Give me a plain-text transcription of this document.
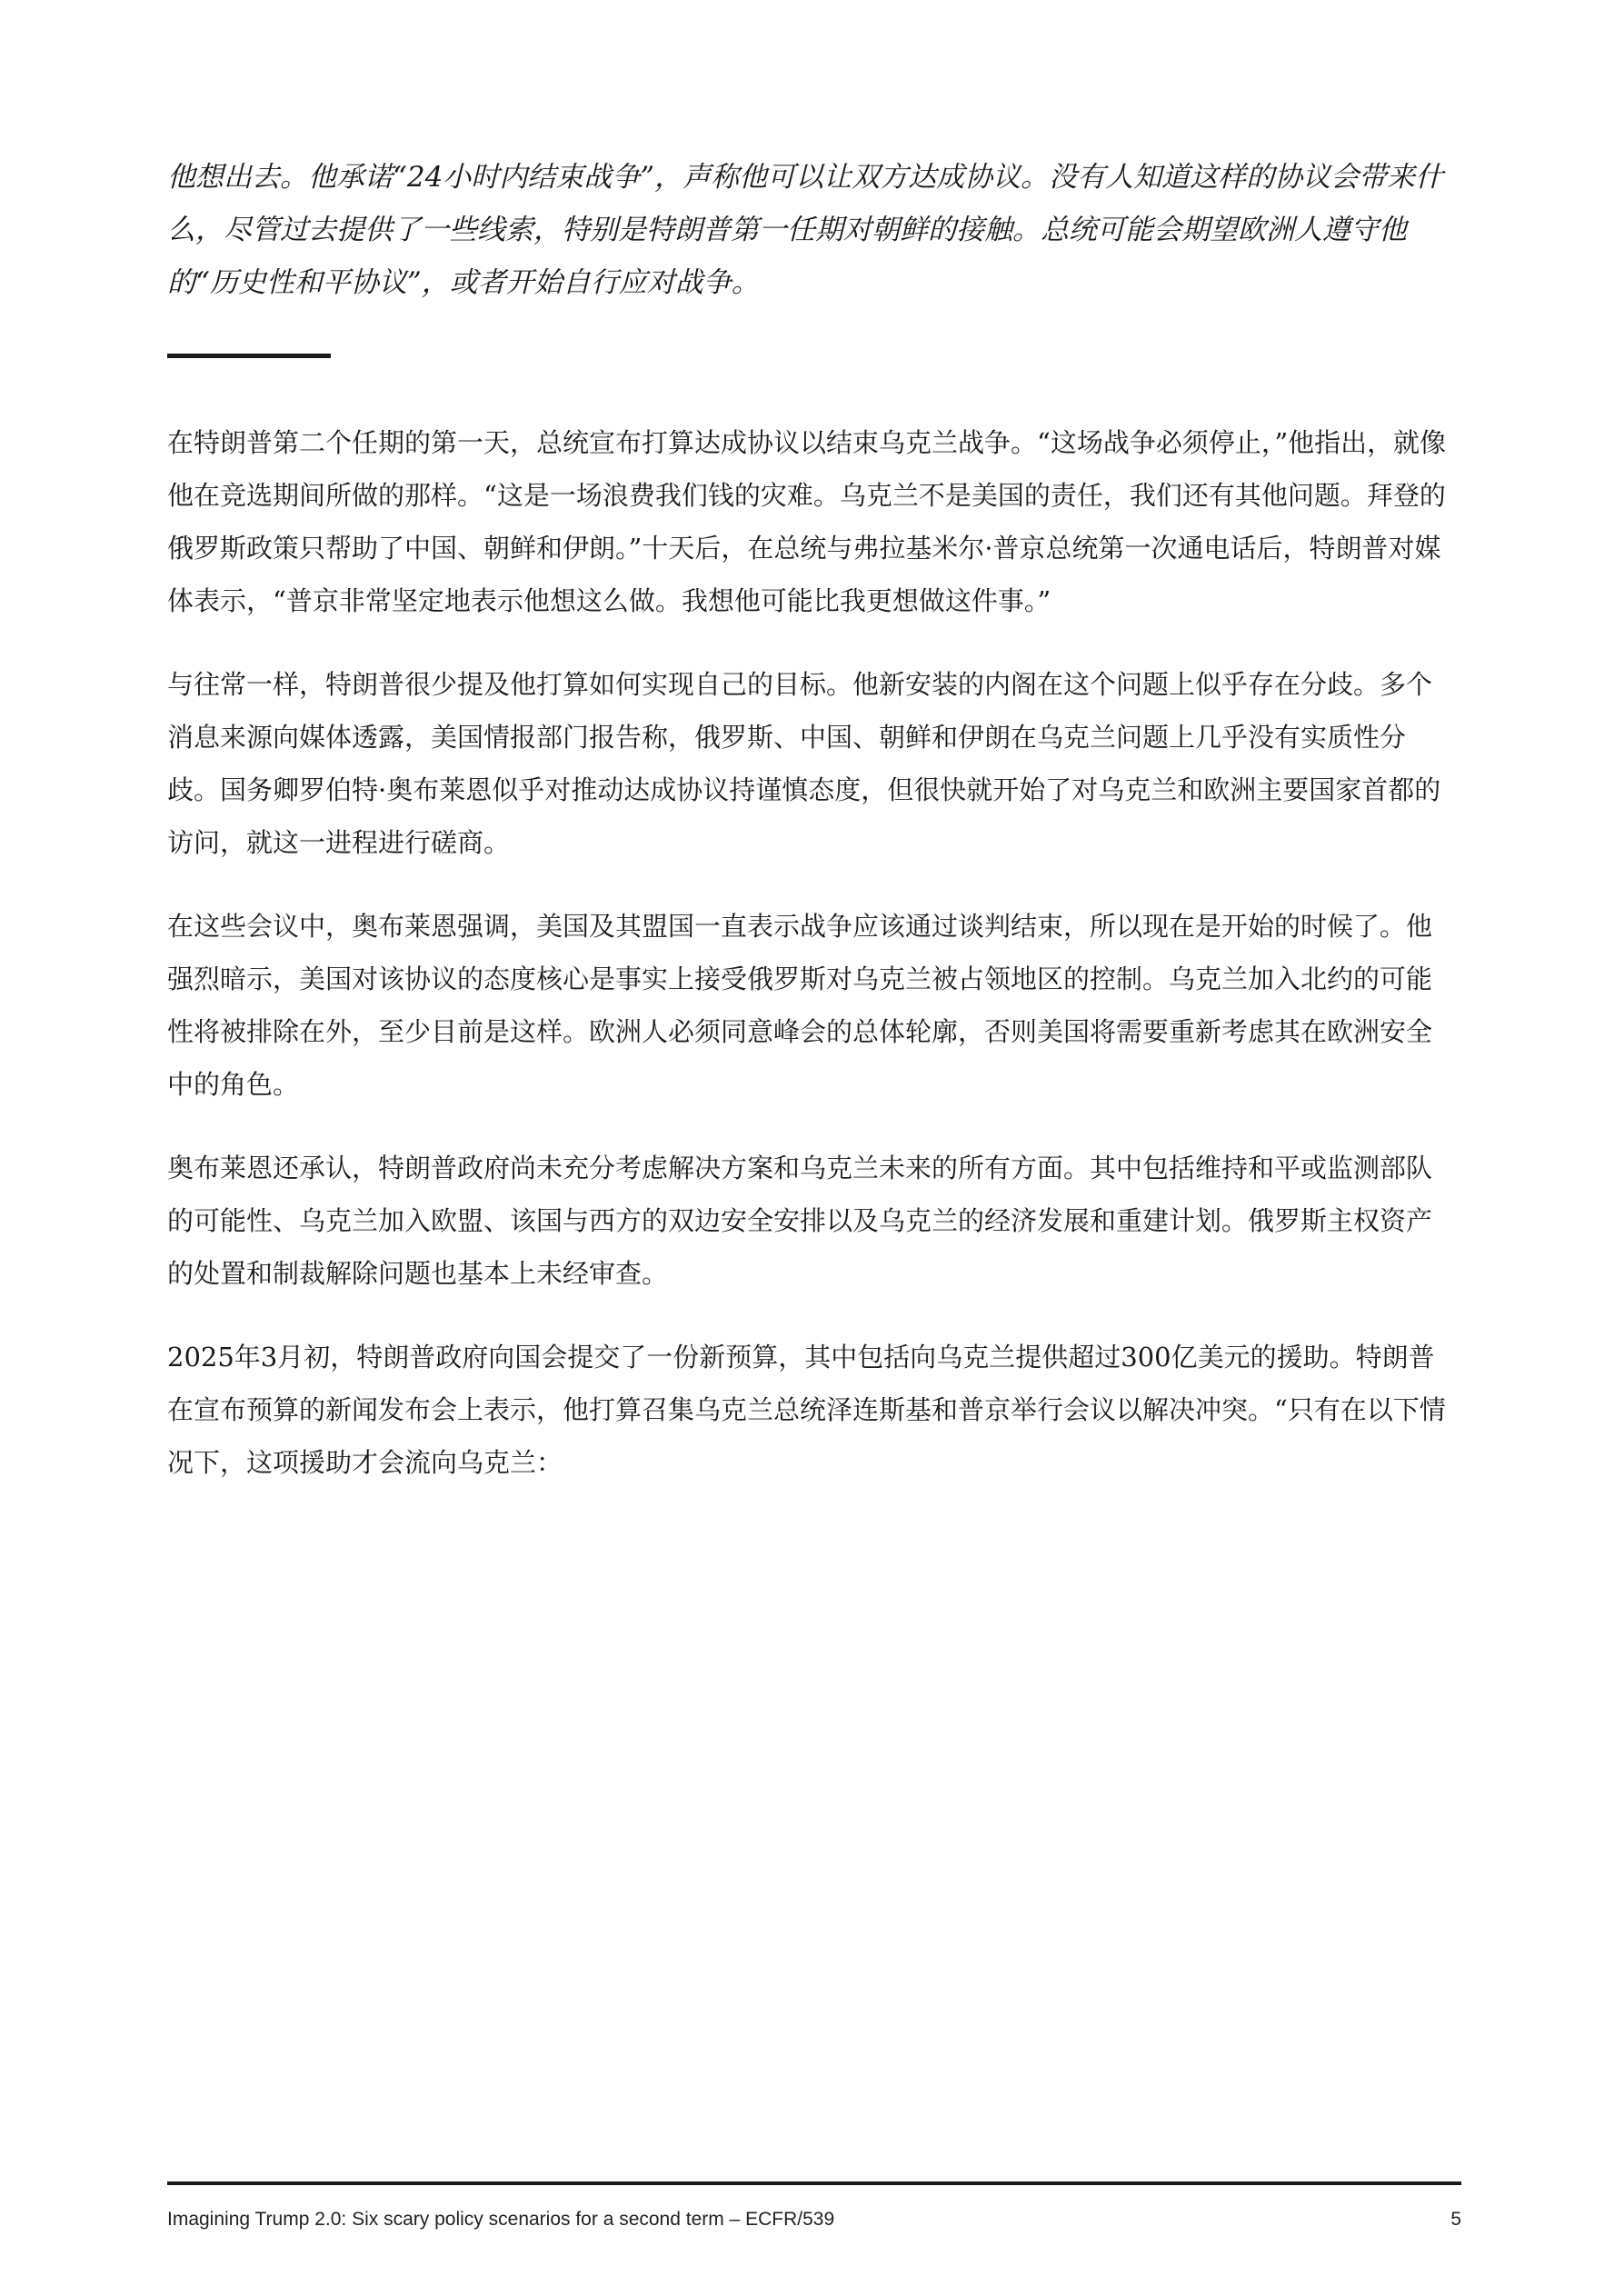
他想出去。他承诺“24小时内结束战争”，声称他可以让双方达成协议。没有人知道这样的协议会带来什么，尽管过去提供了一些线索，特别是特朗普第一任期对朝鲜的接触。总统可能会期望欧洲人遵守他的“历史性和平协议”，或者开始自行应对战争。

在特朗普第二个任期的第一天，总统宣布打算达成协议以结束乌克兰战争。“这场战争必须停止，”他指出，就像他在竞选期间所做的那样。“这是一场浪费我们钱的灾难。乌克兰不是美国的责任，我们还有其他问题。拜登的俄罗斯政策只帮助了中国、朝鲜和伊朗。”十天后，在总统与弗拉基米尔·普京总统第一次通电话后，特朗普对媒体表示，“普京非常坚定地表示他想这么做。我想他可能比我更想做这件事。”

与往常一样，特朗普很少提及他打算如何实现自己的目标。他新安装的内阁在这个问题上似乎存在分歧。多个消息来源向媒体透露，美国情报部门报告称，俄罗斯、中国、朝鲜和伊朗在乌克兰问题上几乎没有实质性分歧。国务卿罗伯特·奥布莱恩似乎对推动达成协议持谨慎态度，但很快就开始了对乌克兰和欧洲主要国家首都的访问，就这一进程进行磋商。

在这些会议中，奥布莱恩强调，美国及其盟国一直表示战争应该通过谈判结束，所以现在是开始的时候了。他强烈暗示，美国对该协议的态度核心是事实上接受俄罗斯对乌克兰被占领地区的控制。乌克兰加入北约的可能性将被排除在外，至少目前是这样。欧洲人必须同意峰会的总体轮廓，否则美国将需要重新考虑其在欧洲安全中的角色。

奥布莱恩还承认，特朗普政府尚未充分考虑解决方案和乌克兰未来的所有方面。其中包括维持和平或监测部队的可能性、乌克兰加入欧盟、该国与西方的双边安全安排以及乌克兰的经济发展和重建计划。俄罗斯主权资产的处置和制裁解除问题也基本上未经审查。

2025年3月初，特朗普政府向国会提交了一份新预算，其中包括向乌克兰提供超过300亿美元的援助。特朗普在宣布预算的新闻发布会上表示，他打算召集乌克兰总统泽连斯基和普京举行会议以解决冲突。“只有在以下情况下，这项援助才会流向乌克兰：

Imagining Trump 2.0: Six scary policy scenarios for a second term – ECFR/539	5
